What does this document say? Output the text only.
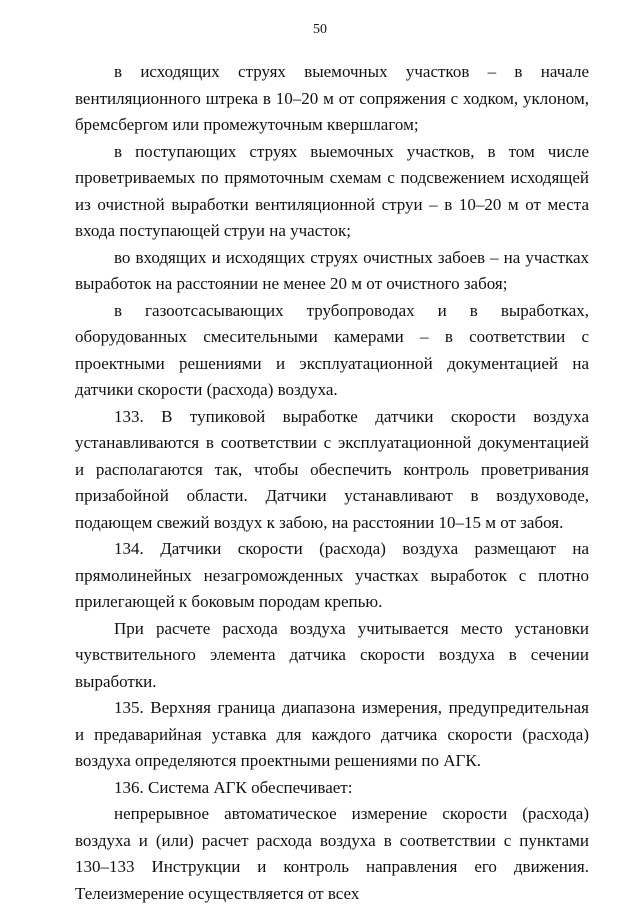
50

в исходящих струях выемочных участков – в начале вентиляционного штрека в 10–20 м от сопряжения с ходком, уклоном, бремсбергом или промежуточным квершлагом;

в поступающих струях выемочных участков, в том числе проветриваемых по прямоточным схемам с подсвежением исходящей из очистной выработки вентиляционной струи – в 10–20 м от места входа поступающей струи на участок;

во входящих и исходящих струях очистных забоев – на участках выработок на расстоянии не менее 20 м от очистного забоя;

в газоотсасывающих трубопроводах и в выработках, оборудованных смесительными камерами – в соответствии с проектными решениями и эксплуатационной документацией на датчики скорости (расхода) воздуха.

133. В тупиковой выработке датчики скорости воздуха устанавливаются в соответствии с эксплуатационной документацией и располагаются так, чтобы обеспечить контроль проветривания призабойной области. Датчики устанавливают в воздуховоде, подающем свежий воздух к забою, на расстоянии 10–15 м от забоя.

134. Датчики скорости (расхода) воздуха размещают на прямолинейных незагроможденных участках выработок с плотно прилегающей к боковым породам крепью.

При расчете расхода воздуха учитывается место установки чувствительного элемента датчика скорости воздуха в сечении выработки.

135. Верхняя граница диапазона измерения, предупредительная и предаварийная уставка для каждого датчика скорости (расхода) воздуха определяются проектными решениями по АГК.

136. Система АГК обеспечивает:

непрерывное автоматическое измерение скорости (расхода) воздуха и (или) расчет расхода воздуха в соответствии с пунктами 130–133 Инструкции и контроль направления его движения. Телеизмерение осуществляется от всех
